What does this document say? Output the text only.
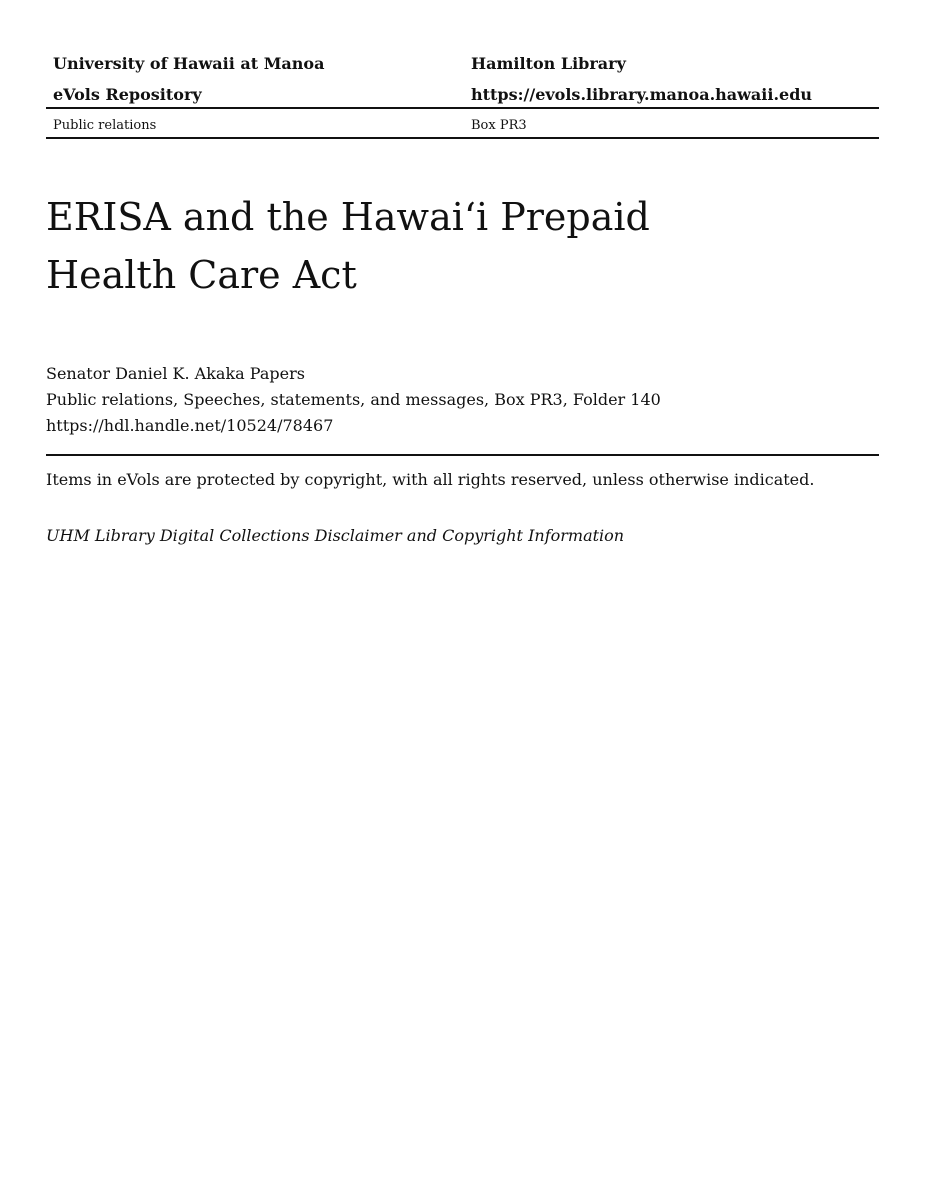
University of Hawaii at Manoa	Hamilton Library
eVols Repository	https://evols.library.manoa.hawaii.edu
Public relations	Box PR3
ERISA and the Hawai‘i Prepaid
Health Care Act
Senator Daniel K. Akaka Papers
Public relations, Speeches, statements, and messages, Box PR3, Folder 140
https://hdl.handle.net/10524/78467
Items in eVols are protected by copyright, with all rights reserved, unless otherwise indicated.
UHM Library Digital Collections Disclaimer and Copyright Information
